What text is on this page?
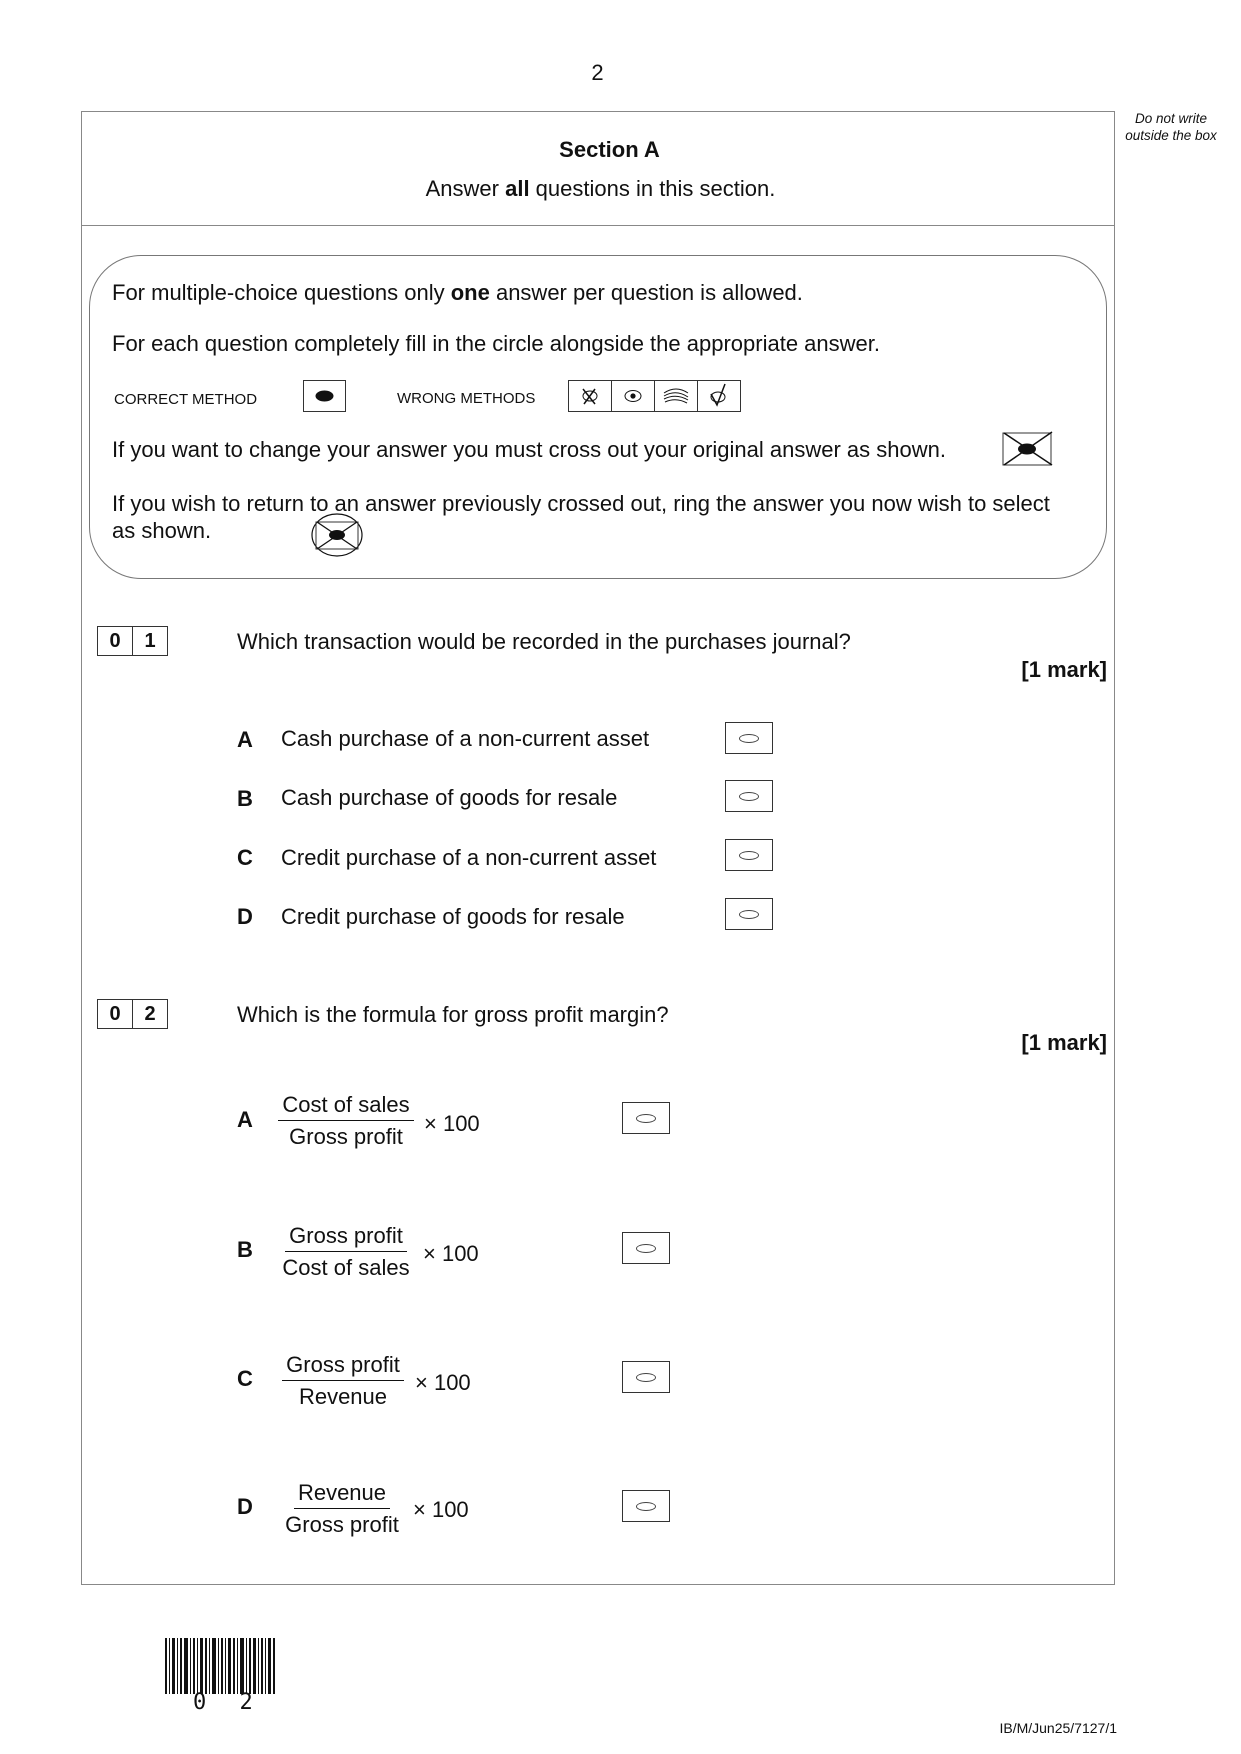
2
Do not write outside the box
Section A
Answer all questions in this section.
For multiple-choice questions only one answer per question is allowed.
For each question completely fill in the circle alongside the appropriate answer.
CORRECT METHOD	WRONG METHODS
If you want to change your answer you must cross out your original answer as shown.
If you wish to return to an answer previously crossed out, ring the answer you now wish to select as shown.
0	1	Which transaction would be recorded in the purchases journal?
[1 mark]
A Cash purchase of a non-current asset
B Cash purchase of goods for resale
C Credit purchase of a non-current asset
D Credit purchase of goods for resale
0	2	Which is the formula for gross profit margin?
[1 mark]
A
Cost of sales
Gross profit
× 100
B
Gross profit
Cost of sales
× 100
C
Gross profit
Revenue
× 100
D
Revenue
Gross profit
× 100
0 2
IB/M/Jun25/7127/1
